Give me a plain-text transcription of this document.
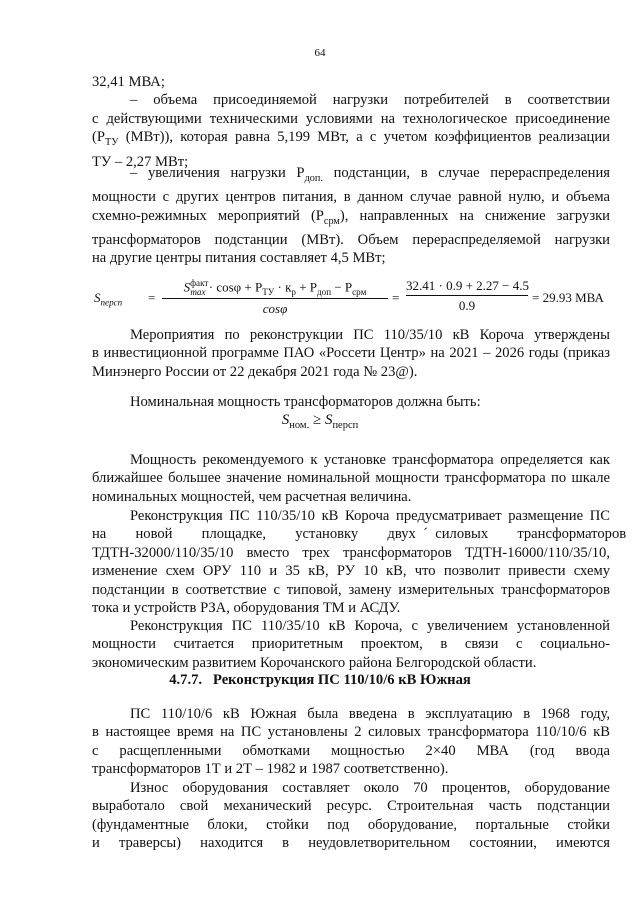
64
32,41 МВА;
– объема присоединяемой нагрузки потребителей в соответствии
с действующими техническими условиями на технологическое присоединение
($Р_{ТУ}$ (МВт)), которая равна 5,199 МВт, а с учетом коэффициентов реализации
ТУ – 2,27 МВт;
– увеличения нагрузки $Р_{доп.}$ подстанции, в случае перераспределения
мощности с других центров питания, в данном случае равной нулю, и объема
схемно-режимных мероприятий $(Р_{срм})$, направленных на снижение загрузки
трансформаторов подстанции (МВт). Объем перераспределяемой нагрузки
на другие центры питания составляет 4,5 МВт;
$S_{персп}$ =
$S^{факт}_{max} \cdot \cos\varphi + Р_{ТУ} \cdot к_р + Р_{доп} - Р_{срм}$
cosφ
= $\frac{32.41 \cdot 0.9 + 2.27 - 4.5}{0.9} = 29.93$ МВА
Мероприятия по реконструкции ПС 110/35/10 кВ Короча утверждены
в инвестиционной программе ПАО «Россети Центр» на 2021 – 2026 годы (приказ
Минэнерго России от 22 декабря 2021 года № 23@).
Номинальная мощность трансформаторов должна быть:
$S_{ном.} \ge S_{персп}$
Мощность рекомендуемого к установке трансформатора определяется как
ближайшее большее значение номинальной мощности трансформатора по шкале
номинальных мощностей, чем расчетная величина.
Реконструкция ПС 110/35/10 кВ Короча предусматривает размещение ПС
на        новой        площадке,        установку        двух  ´  силовых        трансформаторов
ТДТН-32000/110/35/10 вместо трех трансформаторов ТДТН-16000/110/35/10,
изменение схем ОРУ 110 и 35 кВ, РУ 10 кВ, что позволит привести схему
подстанции в соответствие с типовой, замену измерительных трансформаторов
тока и устройств РЗА, оборудования ТМ и АСДУ.
Реконструкция ПС 110/35/10 кВ Короча, с увеличением установленной
мощности считается приоритетным проектом, в связи с социально-
экономическим развитием Корочанского района Белгородской области.
4.7.7.   Реконструкция ПС 110/10/6 кВ Южная
ПС 110/10/6 кВ Южная была введена в эксплуатацию в 1968 году,
в настоящее время на ПС установлены 2 силовых трансформатора 110/10/6 кВ
с   расщепленными   обмотками   мощностью   2×40   МВА   (год   ввода
трансформаторов 1Т и 2Т – 1982 и 1987 соответственно).
Износ оборудования составляет около 70 процентов, оборудование
выработало свой механический ресурс. Строительная часть подстанции
(фундаментные блоки, стойки под оборудование, портальные стойки
и траверсы) находится в неудовлетворительном состоянии, имеются
